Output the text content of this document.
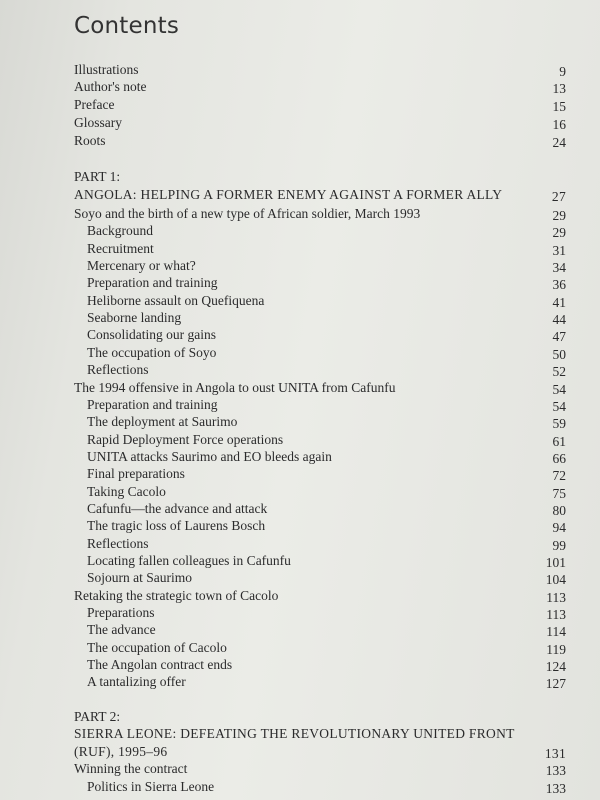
Contents
Illustrations	9
Author's note	13
Preface	15
Glossary	16
Roots	24
PART 1:
ANGOLA: HELPING A FORMER ENEMY AGAINST A FORMER ALLY	27
Soyo and the birth of a new type of African soldier, March 1993	29
Background	29
Recruitment	31
Mercenary or what?	34
Preparation and training	36
Heliborne assault on Quefiquena	41
Seaborne landing	44
Consolidating our gains	47
The occupation of Soyo	50
Reflections	52
The 1994 offensive in Angola to oust UNITA from Cafunfu	54
Preparation and training	54
The deployment at Saurimo	59
Rapid Deployment Force operations	61
UNITA attacks Saurimo and EO bleeds again	66
Final preparations	72
Taking Cacolo	75
Cafunfu—the advance and attack	80
The tragic loss of Laurens Bosch	94
Reflections	99
Locating fallen colleagues in Cafunfu	101
Sojourn at Saurimo	104
Retaking the strategic town of Cacolo	113
Preparations	113
The advance	114
The occupation of Cacolo	119
The Angolan contract ends	124
A tantalizing offer	127
PART 2:
SIERRA LEONE: DEFEATING THE REVOLUTIONARY UNITED FRONT
(RUF), 1995–96	131
Winning the contract	133
Politics in Sierra Leone	133
